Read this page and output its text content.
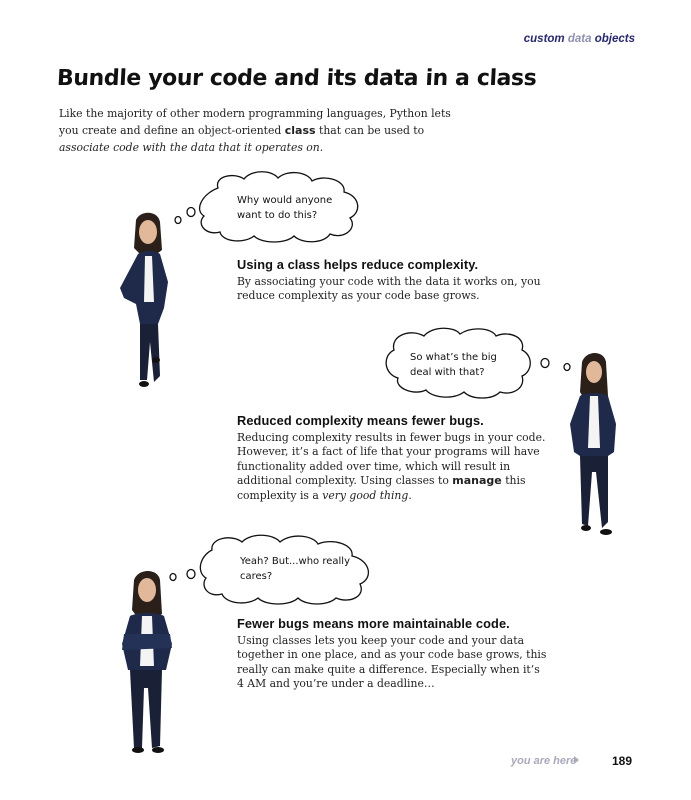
custom data objects
Bundle your code and its data in a class
Like the majority of other modern programming languages, Python lets you create and define an object-oriented class that can be used to associate code with the data that it operates on.
Why would anyone
want to do this?
Using a class helps reduce complexity.
By associating your code with the data it works on, you reduce complexity as your code base grows.
So what’s the big
deal with that?
Reduced complexity means fewer bugs.
Reducing complexity results in fewer bugs in your code. However, it’s a fact of life that your programs will have functionality added over time, which will result in additional complexity. Using classes to manage this complexity is a very good thing.
Yeah? But...who really
cares?
Fewer bugs means more maintainable code.
Using classes lets you keep your code and your data together in one place, and as your code base grows, this really can make quite a difference. Especially when it’s 4 AM and you’re under a deadline…
you are here	189
